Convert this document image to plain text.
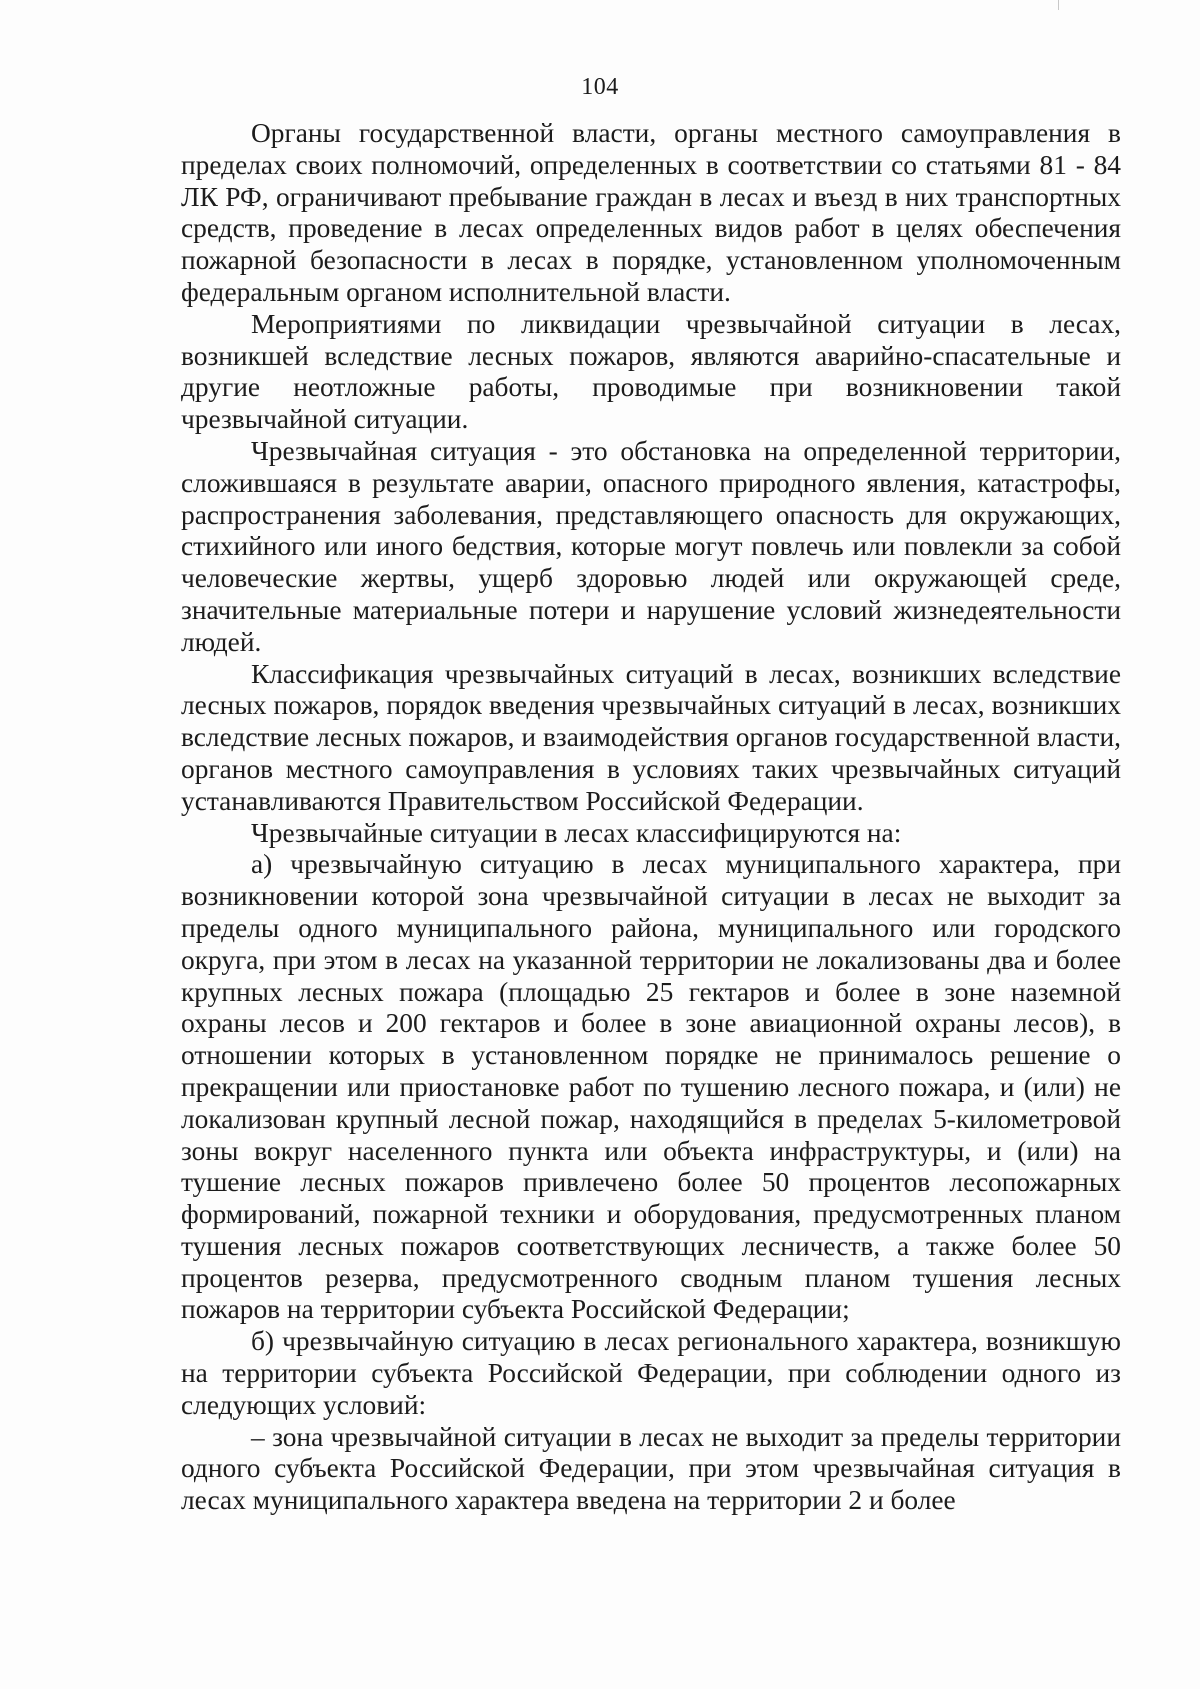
104

Органы государственной власти, органы местного самоуправления в пределах своих полномочий, определенных в соответствии со статьями 81 - 84 ЛК РФ, ограничивают пребывание граждан в лесах и въезд в них транспортных средств, проведение в лесах определенных видов работ в целях обеспечения пожарной безопасности в лесах в порядке, установленном уполномоченным федеральным органом исполнительной власти.

Мероприятиями по ликвидации чрезвычайной ситуации в лесах, возникшей вследствие лесных пожаров, являются аварийно-спасательные и другие неотложные работы, проводимые при возникновении такой чрезвычайной ситуации.

Чрезвычайная ситуация - это обстановка на определенной территории, сложившаяся в результате аварии, опасного природного явления, катастрофы, распространения заболевания, представляющего опасность для окружающих, стихийного или иного бедствия, которые могут повлечь или повлекли за собой человеческие жертвы, ущерб здоровью людей или окружающей среде, значительные материальные потери и нарушение условий жизнедеятельности людей.

Классификация чрезвычайных ситуаций в лесах, возникших вследствие лесных пожаров, порядок введения чрезвычайных ситуаций в лесах, возникших вследствие лесных пожаров, и взаимодействия органов государственной власти, органов местного самоуправления в условиях таких чрезвычайных ситуаций устанавливаются Правительством Российской Федерации.

Чрезвычайные ситуации в лесах классифицируются на:

а) чрезвычайную ситуацию в лесах муниципального характера, при возникновении которой зона чрезвычайной ситуации в лесах не выходит за пределы одного муниципального района, муниципального или городского округа, при этом в лесах на указанной территории не локализованы два и более крупных лесных пожара (площадью 25 гектаров и более в зоне наземной охраны лесов и 200 гектаров и более в зоне авиационной охраны лесов), в отношении которых в установленном порядке не принималось решение о прекращении или приостановке работ по тушению лесного пожара, и (или) не локализован крупный лесной пожар, находящийся в пределах 5-километровой зоны вокруг населенного пункта или объекта инфраструктуры, и (или) на тушение лесных пожаров привлечено более 50 процентов лесопожарных формирований, пожарной техники и оборудования, предусмотренных планом тушения лесных пожаров соответствующих лесничеств, а также более 50 процентов резерва, предусмотренного сводным планом тушения лесных пожаров на территории субъекта Российской Федерации;

б) чрезвычайную ситуацию в лесах регионального характера, возникшую на территории субъекта Российской Федерации, при соблюдении одного из следующих условий:

– зона чрезвычайной ситуации в лесах не выходит за пределы территории одного субъекта Российской Федерации, при этом чрезвычайная ситуация в лесах муниципального характера введена на территории 2 и более
